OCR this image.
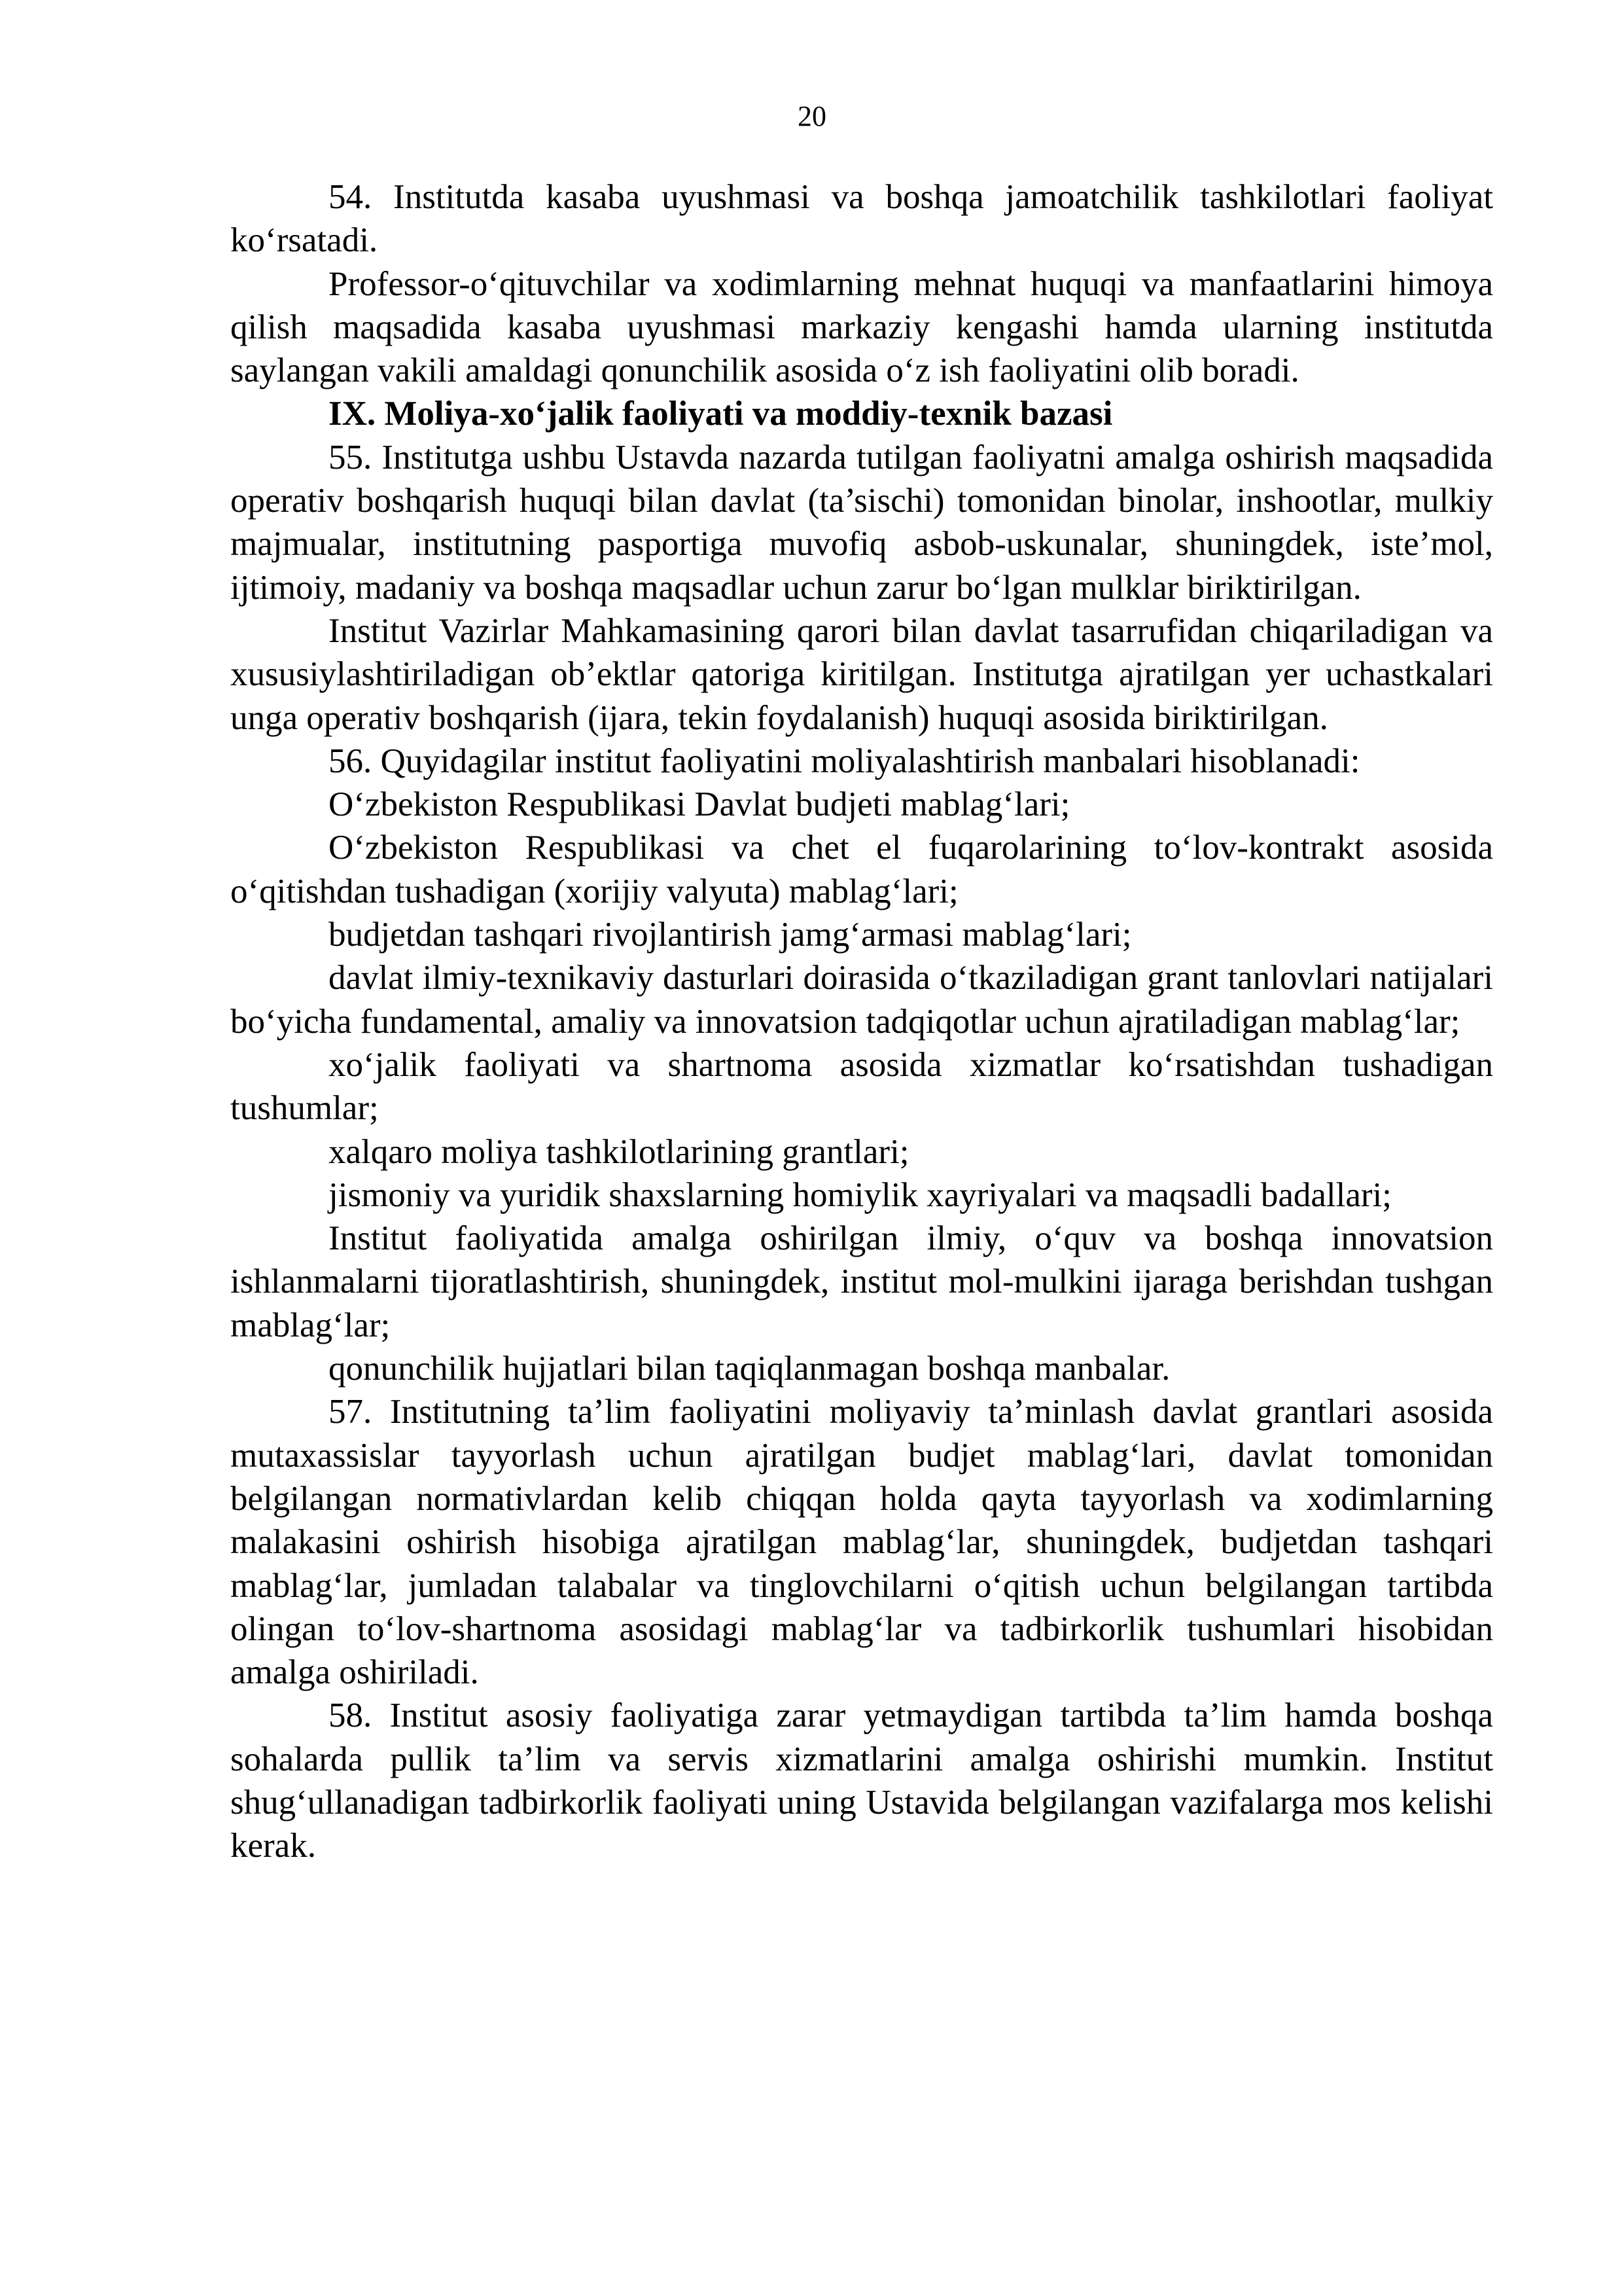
20

54. Institutda kasaba uyushmasi va boshqa jamoatchilik tashkilotlari faoliyat ko‘rsatadi.

Professor-o‘qituvchilar va xodimlarning mehnat huquqi va manfaatlarini himoya qilish maqsadida kasaba uyushmasi markaziy kengashi hamda ularning institutda saylangan vakili amaldagi qonunchilik asosida o‘z ish faoliyatini olib boradi.

IX. Moliya-xo‘jalik faoliyati va moddiy-texnik bazasi

55. Institutga ushbu Ustavda nazarda tutilgan faoliyatni amalga oshirish maqsadida operativ boshqarish huquqi bilan davlat (ta’sischi) tomonidan binolar, inshootlar, mulkiy majmualar, institutning pasportiga muvofiq asbob-uskunalar, shuningdek, iste’mol, ijtimoiy, madaniy va boshqa maqsadlar uchun zarur bo‘lgan mulklar biriktirilgan.

Institut Vazirlar Mahkamasining qarori bilan davlat tasarrufidan chiqariladigan va xususiylashtiriladigan ob’ektlar qatoriga kiritilgan. Institutga ajratilgan yer uchastkalari unga operativ boshqarish (ijara, tekin foydalanish) huquqi asosida biriktirilgan.

56. Quyidagilar institut faoliyatini moliyalashtirish manbalari hisoblanadi:

O‘zbekiston Respublikasi Davlat budjeti mablag‘lari;

O‘zbekiston Respublikasi va chet el fuqarolarining to‘lov-kontrakt asosida o‘qitishdan tushadigan (xorijiy valyuta) mablag‘lari;

budjetdan tashqari rivojlantirish jamg‘armasi mablag‘lari;

davlat ilmiy-texnikaviy dasturlari doirasida o‘tkaziladigan grant tanlovlari natijalari bo‘yicha fundamental, amaliy va innovatsion tadqiqotlar uchun ajratiladigan mablag‘lar;

xo‘jalik faoliyati va shartnoma asosida xizmatlar ko‘rsatishdan tushadigan tushumlar;

xalqaro moliya tashkilotlarining grantlari;

jismoniy va yuridik shaxslarning homiylik xayriyalari va maqsadli badallari;

Institut faoliyatida amalga oshirilgan ilmiy, o‘quv va boshqa innovatsion ishlanmalarni tijoratlashtirish, shuningdek, institut mol-mulkini ijaraga berishdan tushgan mablag‘lar;

qonunchilik hujjatlari bilan taqiqlanmagan boshqa manbalar.

57. Institutning ta’lim faoliyatini moliyaviy ta’minlash davlat grantlari asosida mutaxassislar tayyorlash uchun ajratilgan budjet mablag‘lari, davlat tomonidan belgilangan normativlardan kelib chiqqan holda qayta tayyorlash va xodimlarning malakasini oshirish hisobiga ajratilgan mablag‘lar, shuningdek, budjetdan tashqari mablag‘lar, jumladan talabalar va tinglovchilarni o‘qitish uchun belgilangan tartibda olingan to‘lov-shartnoma asosidagi mablag‘lar va tadbirkorlik tushumlari hisobidan amalga oshiriladi.

58. Institut asosiy faoliyatiga zarar yetmaydigan tartibda ta’lim hamda boshqa sohalarda pullik ta’lim va servis xizmatlarini amalga oshirishi mumkin. Institut shug‘ullanadigan tadbirkorlik faoliyati uning Ustavida belgilangan vazifalarga mos kelishi kerak.
